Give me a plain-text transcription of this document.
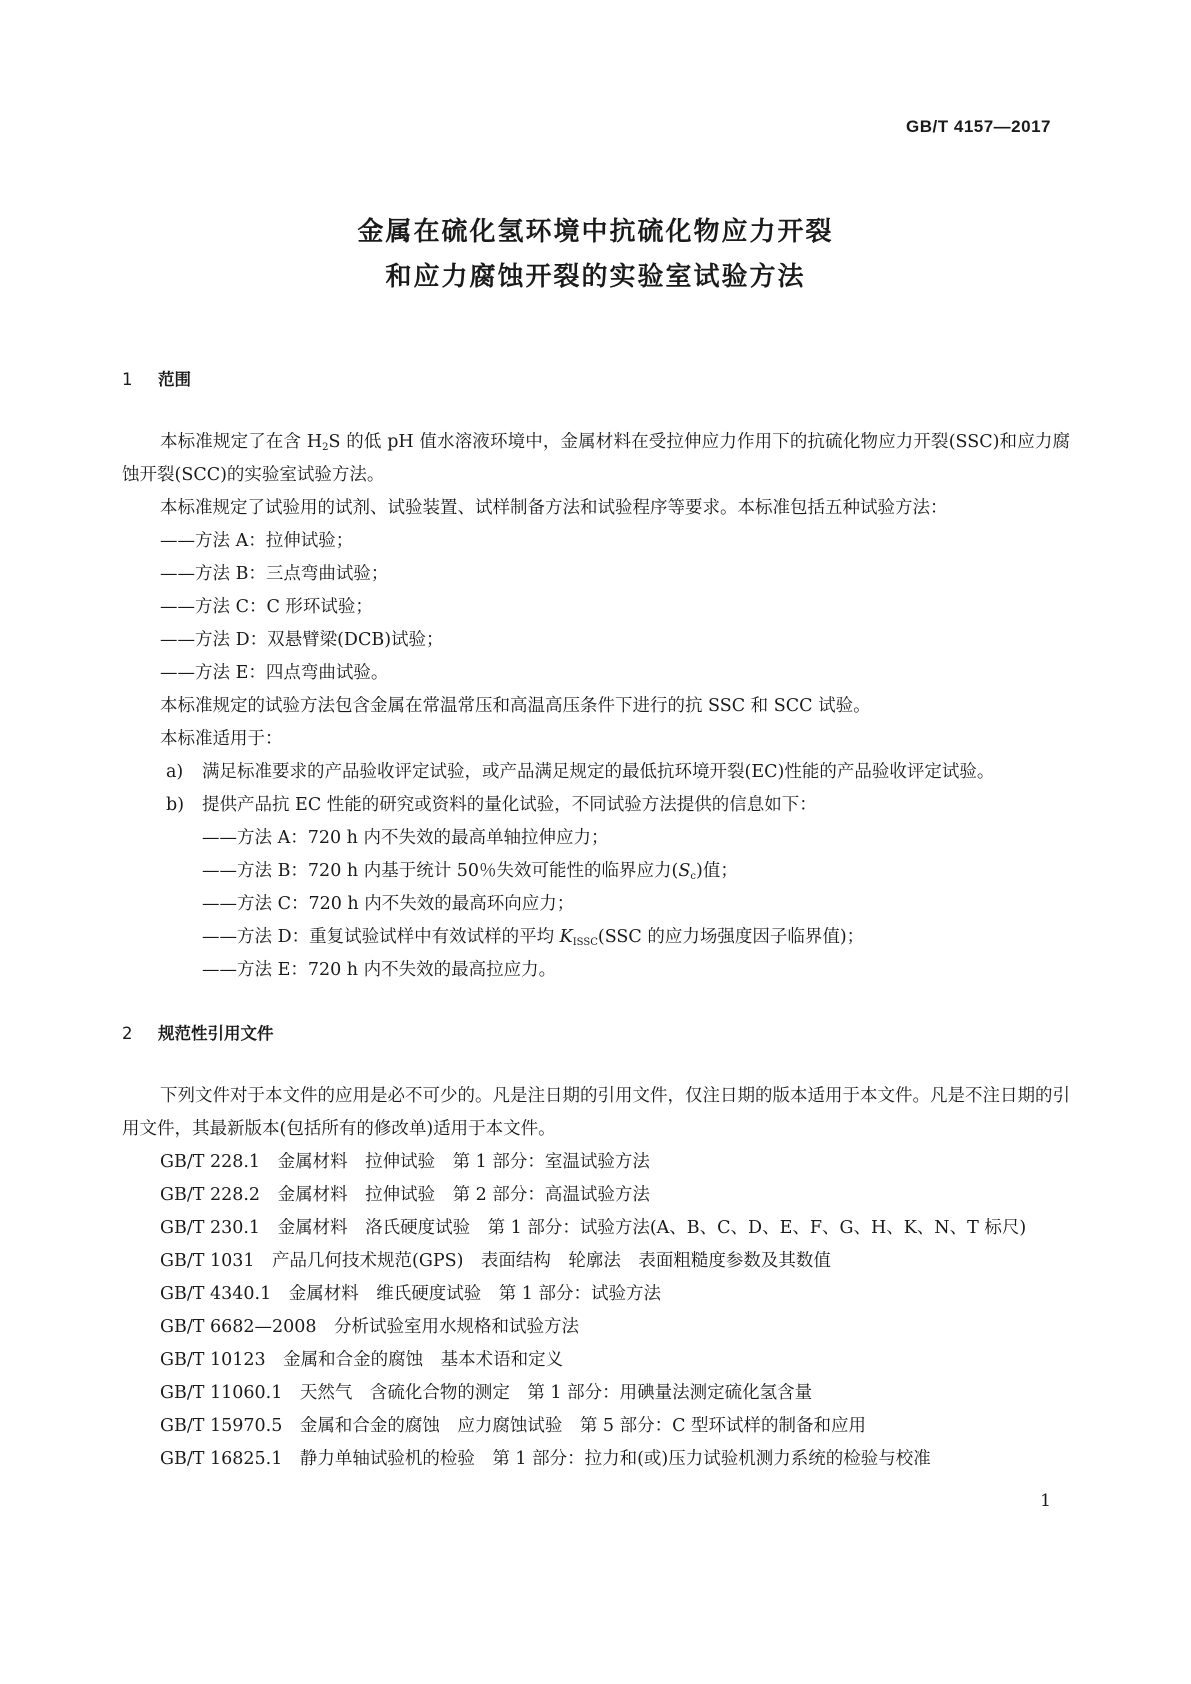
GB/T 4157—2017
金属在硫化氢环境中抗硫化物应力开裂
和应力腐蚀开裂的实验室试验方法
1 范围

本标准规定了在含 $H_2S$ 的低 pH 值水溶液环境中，金属材料在受拉伸应力作用下的抗硫化物应力开裂(SSC)和应力腐蚀开裂(SCC)的实验室试验方法。

本标准规定了试验用的试剂、试验装置、试样制备方法和试验程序等要求。本标准包括五种试验方法：

——方法 A：拉伸试验；

——方法 B：三点弯曲试验；

——方法 C：C 形环试验；

——方法 D：双悬臂梁(DCB)试验；

——方法 E：四点弯曲试验。

本标准规定的试验方法包含金属在常温常压和高温高压条件下进行的抗 SSC 和 SCC 试验。

本标准适用于：

a) 满足标准要求的产品验收评定试验，或产品满足规定的最低抗环境开裂(EC)性能的产品验收评定试验。

b) 提供产品抗 EC 性能的研究或资料的量化试验，不同试验方法提供的信息如下：

——方法 A：720 h 内不失效的最高单轴拉伸应力；

——方法 B：720 h 内基于统计 50％失效可能性的临界应力$(S_c)$值；

——方法 C：720 h 内不失效的最高环向应力；

——方法 D：重复试验试样中有效试样的平均 $K_{ISSC}(SSC$ 的应力场强度因子临界值)；

——方法 E：720 h 内不失效的最高拉应力。

2 规范性引用文件

下列文件对于本文件的应用是必不可少的。凡是注日期的引用文件，仅注日期的版本适用于本文件。凡是不注日期的引用文件，其最新版本(包括所有的修改单)适用于本文件。

GB/T 228.1　金属材料　拉伸试验　第 1 部分：室温试验方法

GB/T 228.2　金属材料　拉伸试验　第 2 部分：高温试验方法

GB/T 230.1　金属材料　洛氏硬度试验　第 1 部分：试验方法(A、B、C、D、E、F、G、H、K、N、T 标尺)

GB/T 1031　产品几何技术规范(GPS)　表面结构　轮廓法　表面粗糙度参数及其数值

GB/T 4340.1　金属材料　维氏硬度试验　第 1 部分：试验方法

GB/T 6682—2008　分析试验室用水规格和试验方法

GB/T 10123　金属和合金的腐蚀　基本术语和定义

GB/T 11060.1　天然气　含硫化合物的测定　第 1 部分：用碘量法测定硫化氢含量

GB/T 15970.5　金属和合金的腐蚀　应力腐蚀试验　第 5 部分：C 型环试样的制备和应用

GB/T 16825.1　静力单轴试验机的检验　第 1 部分：拉力和(或)压力试验机测力系统的检验与校准

1
